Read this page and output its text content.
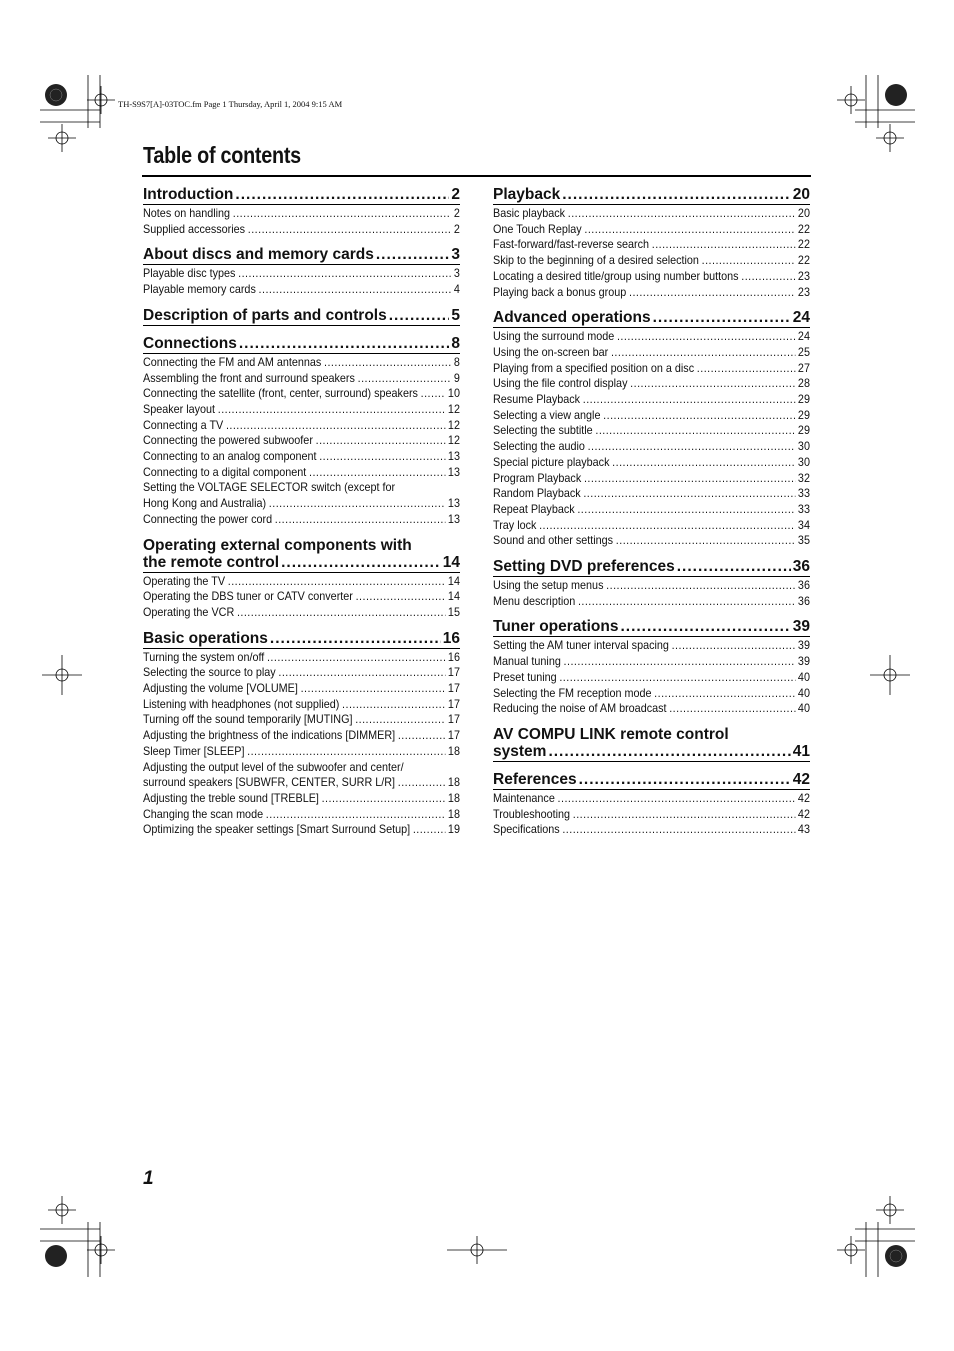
TH-S9S7[A]-03TOC.fm Page 1 Thursday, April 1, 2004 9:15 AM
Table of contents
Introduction .....	2
Notes on handling .....	2
Supplied accessories .....	2
About discs and memory cards .....	3
Playable disc types .....	3
Playable memory cards .....	4
Description of parts and controls .....	5
Connections .....	8
Connecting the FM and AM antennas .....	8
Assembling the front and surround speakers .....	9
Connecting the satellite (front, center, surround) speakers ..... 10
Speaker layout .....	12
Connecting a TV .....	12
Connecting the powered subwoofer .....	12
Connecting to an analog component .....	13
Connecting to a digital component .....	13
Setting the VOLTAGE SELECTOR switch (except for
Hong Kong and Australia) .....	13
Connecting the power cord .....	13
Operating external components with
the remote control .....	14
Operating the TV .....	14
Operating the DBS tuner or CATV converter .....	14
Operating the VCR .....	15
Basic operations .....	16
Turning the system on/off .....	16
Selecting the source to play .....	17
Adjusting the volume [VOLUME] .....	17
Listening with headphones (not supplied) .....	17
Turning off the sound temporarily [MUTING] .....	17
Adjusting the brightness of the indications [DIMMER] .....	17
Sleep Timer [SLEEP] .....	18
Adjusting the output level of the subwoofer and center/
surround speakers [SUBWFR, CENTER, SURR L/R] .....	18
Adjusting the treble sound [TREBLE] .....	18
Changing the scan mode .....	18
Optimizing the speaker settings [Smart Surround Setup] .....	19
Playback .....	20
Basic playback .....	20
One Touch Replay .....	22
Fast-forward/fast-reverse search .....	22
Skip to the beginning of a desired selection .....	22
Locating a desired title/group using number buttons .....	23
Playing back a bonus group .....	23
Advanced operations .....	24
Using the surround mode .....	24
Using the on-screen bar .....	25
Playing from a specified position on a disc .....	27
Using the file control display .....	28
Resume Playback .....	29
Selecting a view angle .....	29
Selecting the subtitle .....	29
Selecting the audio .....	30
Special picture playback .....	30
Program Playback .....	32
Random Playback .....	33
Repeat Playback .....	33
Tray lock .....	34
Sound and other settings .....	35
Setting DVD preferences .....	36
Using the setup menus .....	36
Menu description .....	36
Tuner operations .....	39
Setting the AM tuner interval spacing .....	39
Manual tuning .....	39
Preset tuning .....	40
Selecting the FM reception mode .....	40
Reducing the noise of AM broadcast .....	40
AV COMPU LINK remote control
system .....	41
References .....	42
Maintenance .....	42
Troubleshooting .....	42
Specifications .....	43
1
